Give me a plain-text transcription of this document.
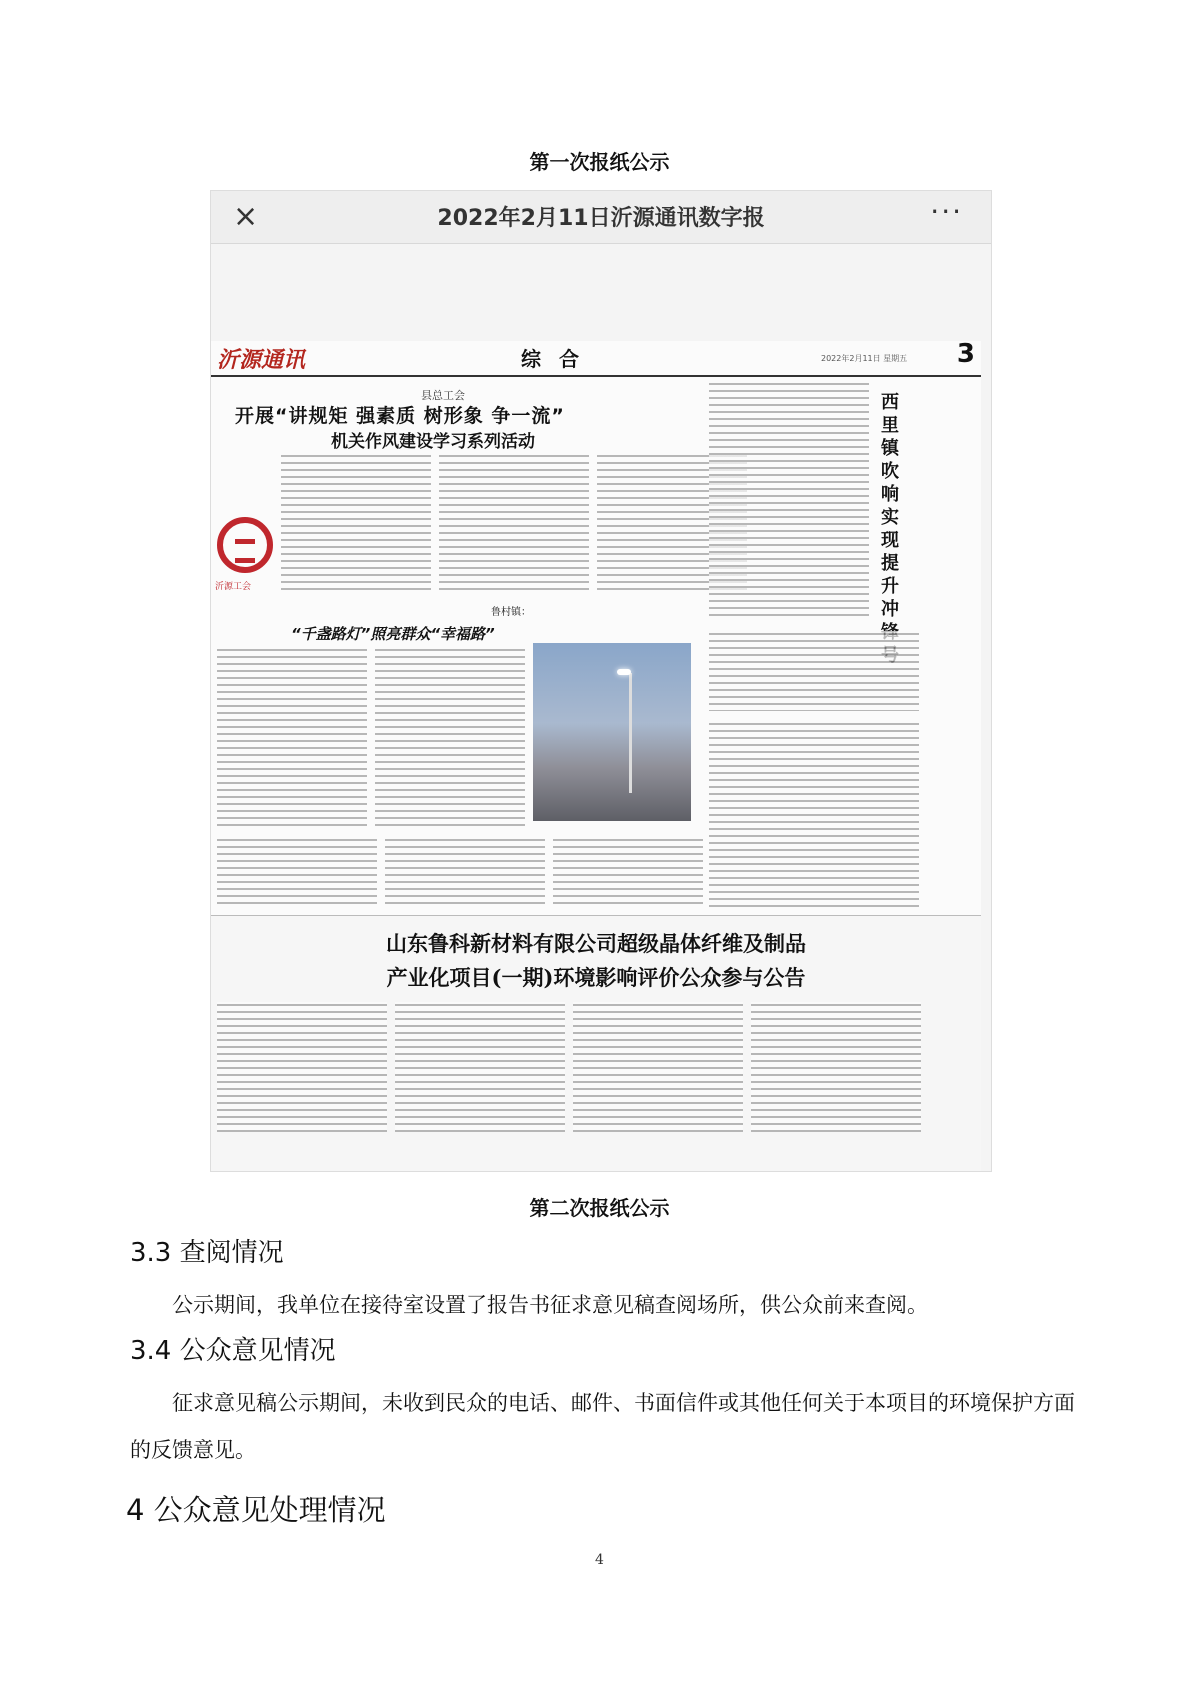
第一次报纸公示
×	2022年2月11日沂源通讯数字报	···
沂源通讯	综合	2022年2月11日 星期五 3
县总工会
开展“讲规矩 强素质 树形象 争一流”
机关作风建设学习系列活动
沂源工会
鲁村镇：
“千盏路灯”照亮群众“幸福路”
西里镇吹响实现提升冲
山东鲁科新材料有限公司超级晶体纤维及制品
产业化项目(一期)环境影响评价公众参与公告
第二次报纸公示
3.3 查阅情况
公示期间，我单位在接待室设置了报告书征求意见稿查阅场所，供公众前来查阅。
3.4 公众意见情况
征求意见稿公示期间，未收到民众的电话、邮件、书面信件或其他任何关于本项目的环境保护方面的反馈意见。
4 公众意见处理情况
4
